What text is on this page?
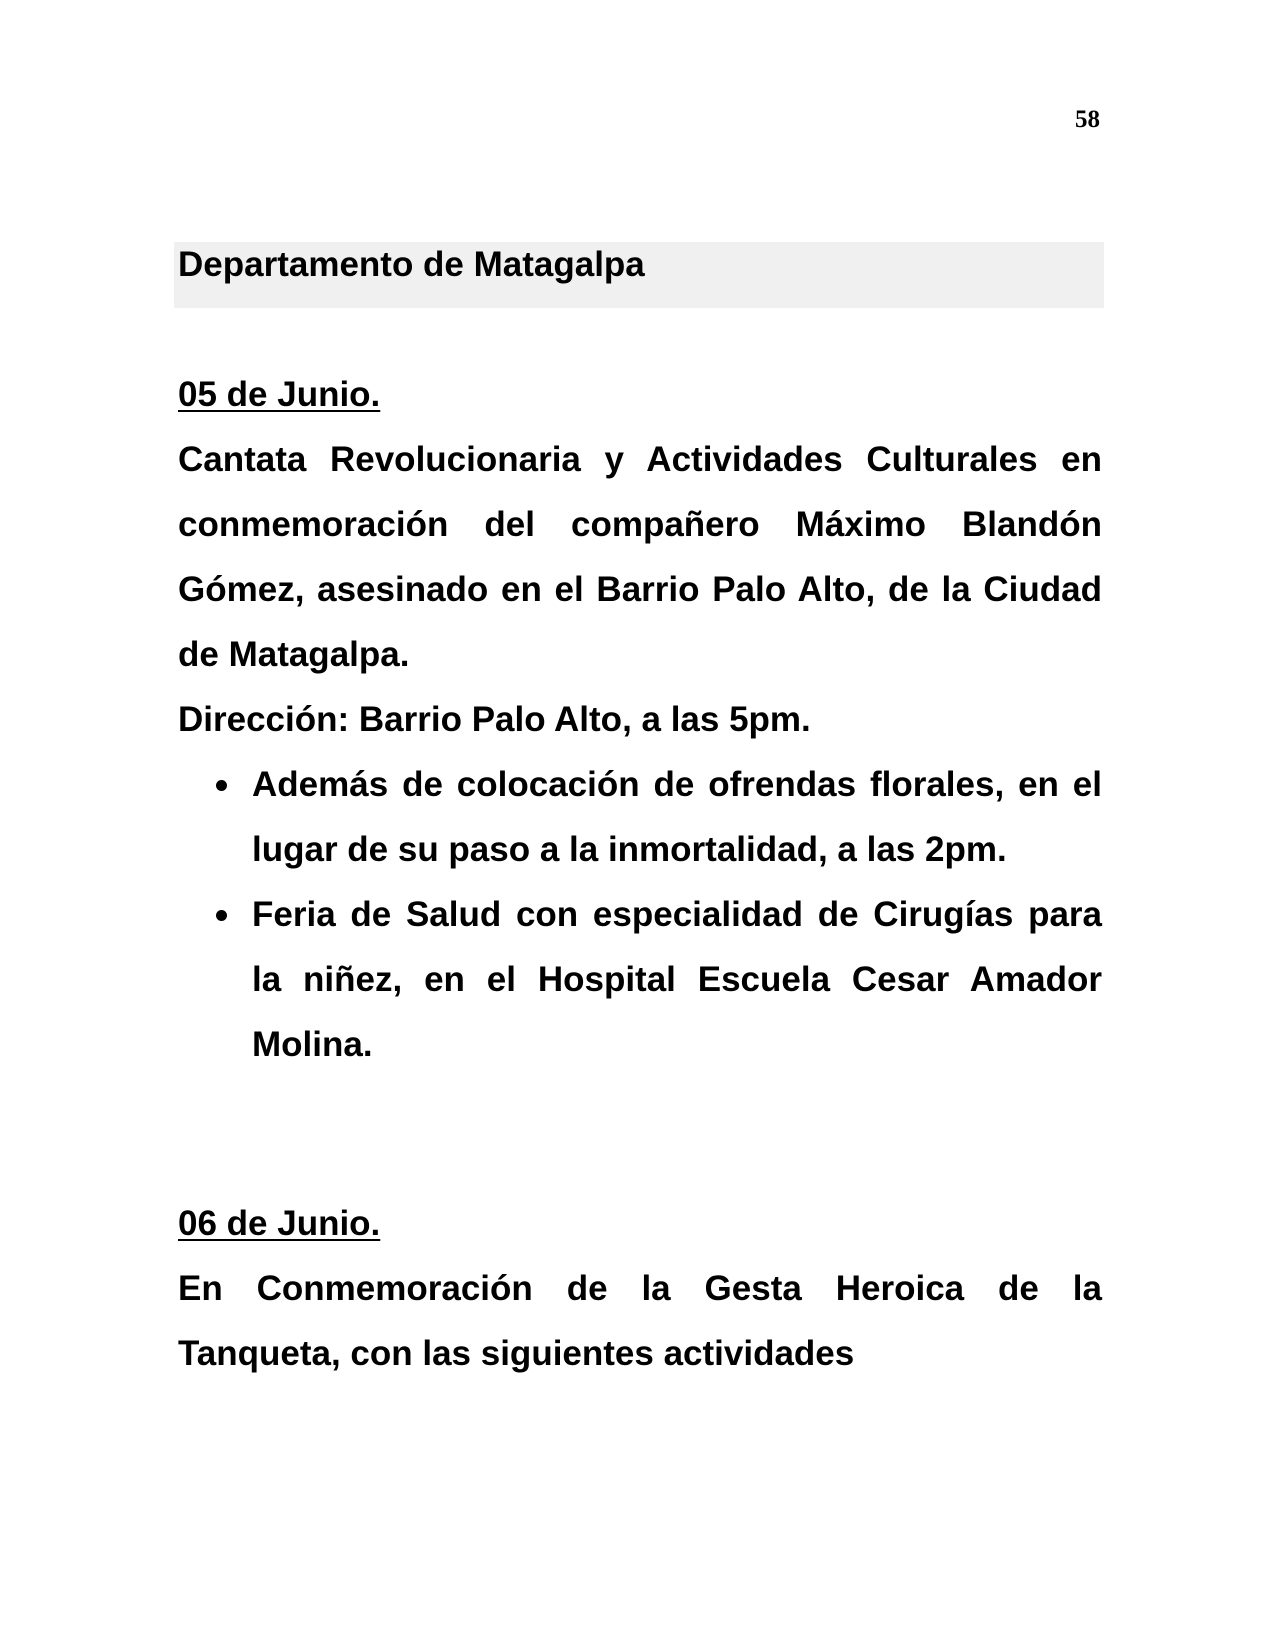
58
Departamento de Matagalpa
05 de Junio.
Cantata Revolucionaria y Actividades Culturales en conmemoración del compañero Máximo Blandón Gómez, asesinado en el Barrio Palo Alto, de la Ciudad de Matagalpa.
Dirección: Barrio Palo Alto, a las 5pm.
Además de colocación de ofrendas florales, en el lugar de su paso a la inmortalidad, a las 2pm.
Feria de Salud con especialidad de Cirugías para la niñez, en el Hospital Escuela Cesar Amador Molina.
06 de Junio.
En Conmemoración de la Gesta Heroica de la Tanqueta, con las siguientes actividades
